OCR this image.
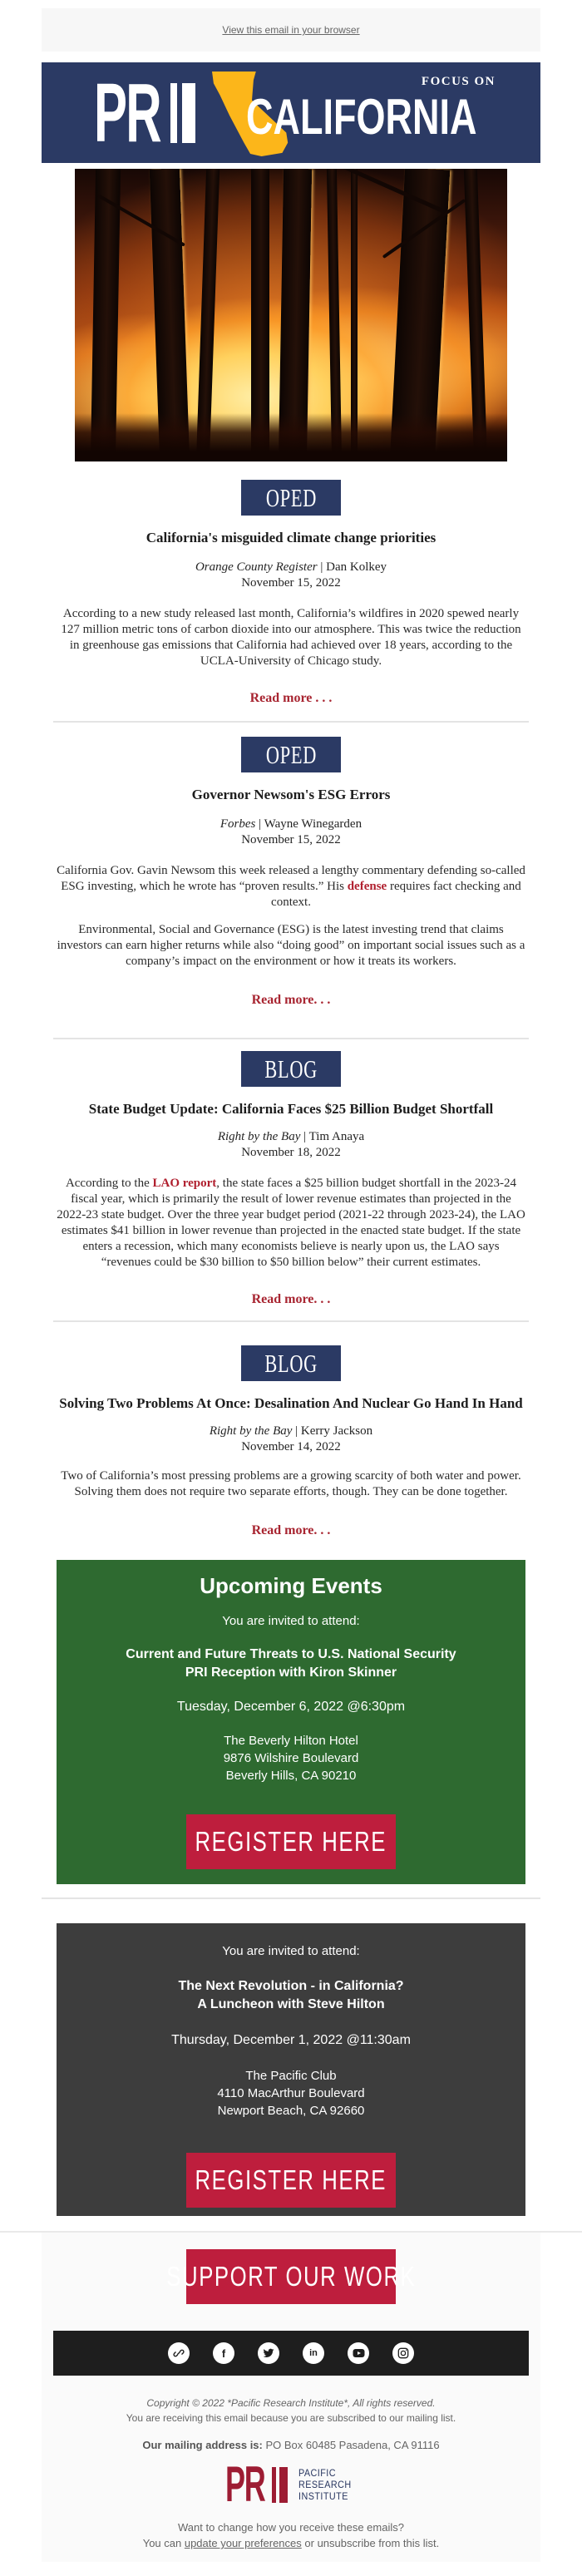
View this email in your browser
PR	FOCUS ON
CALIFORNIA
OPED
California's misguided climate change priorities
Orange County Register | Dan Kolkey
November 15, 2022
According to a new study released last month, California’s wildfires in 2020 spewed nearly 127 million metric tons of carbon dioxide into our atmosphere. This was twice the reduction in greenhouse gas emissions that California had achieved over 18 years, according to the UCLA-University of Chicago study.
Read more . . .
OPED
Governor Newsom's ESG Errors
Forbes | Wayne Winegarden
November 15, 2022
California Gov. Gavin Newsom this week released a lengthy commentary defending so-called ESG investing, which he wrote has “proven results.” His defense requires fact checking and context.
Environmental, Social and Governance (ESG) is the latest investing trend that claims investors can earn higher returns while also “doing good” on important social issues such as a company’s impact on the environment or how it treats its workers.
Read more. . .
BLOG
State Budget Update: California Faces $25 Billion Budget Shortfall
Right by the Bay | Tim Anaya
November 18, 2022
According to the LAO report, the state faces a $25 billion budget shortfall in the 2023-24 fiscal year, which is primarily the result of lower revenue estimates than projected in the 2022-23 state budget. Over the three year budget period (2021-22 through 2023-24), the LAO estimates $41 billion in lower revenue than projected in the enacted state budget. If the state enters a recession, which many economists believe is nearly upon us, the LAO says “revenues could be $30 billion to $50 billion below” their current estimates.
Read more. . .
BLOG
Solving Two Problems At Once: Desalination And Nuclear Go Hand In Hand
Right by the Bay | Kerry Jackson
November 14, 2022
Two of California’s most pressing problems are a growing scarcity of both water and power. Solving them does not require two separate efforts, though. They can be done together.
Read more. . .
Upcoming Events
You are invited to attend:
Current and Future Threats to U.S. National Security
PRI Reception with Kiron Skinner
Tuesday, December 6, 2022 @6:30pm
The Beverly Hilton Hotel
9876 Wilshire Boulevard
Beverly Hills, CA 90210
REGISTER HERE
You are invited to attend:
The Next Revolution - in California?
A Luncheon with Steve Hilton
Thursday, December 1, 2022 @11:30am
The Pacific Club
4110 MacArthur Boulevard
Newport Beach, CA 92660
REGISTER HERE
SUPPORT OUR WORK
f	in
Copyright © 2022 *Pacific Research Institute*, All rights reserved.
You are receiving this email because you are subscribed to our mailing list.
Our mailing address is: PO Box 60485 Pasadena, CA 91116
PR	PACIFIC
RESEARCH
INSTITUTE
Want to change how you receive these emails?
You can update your preferences or unsubscribe from this list.
